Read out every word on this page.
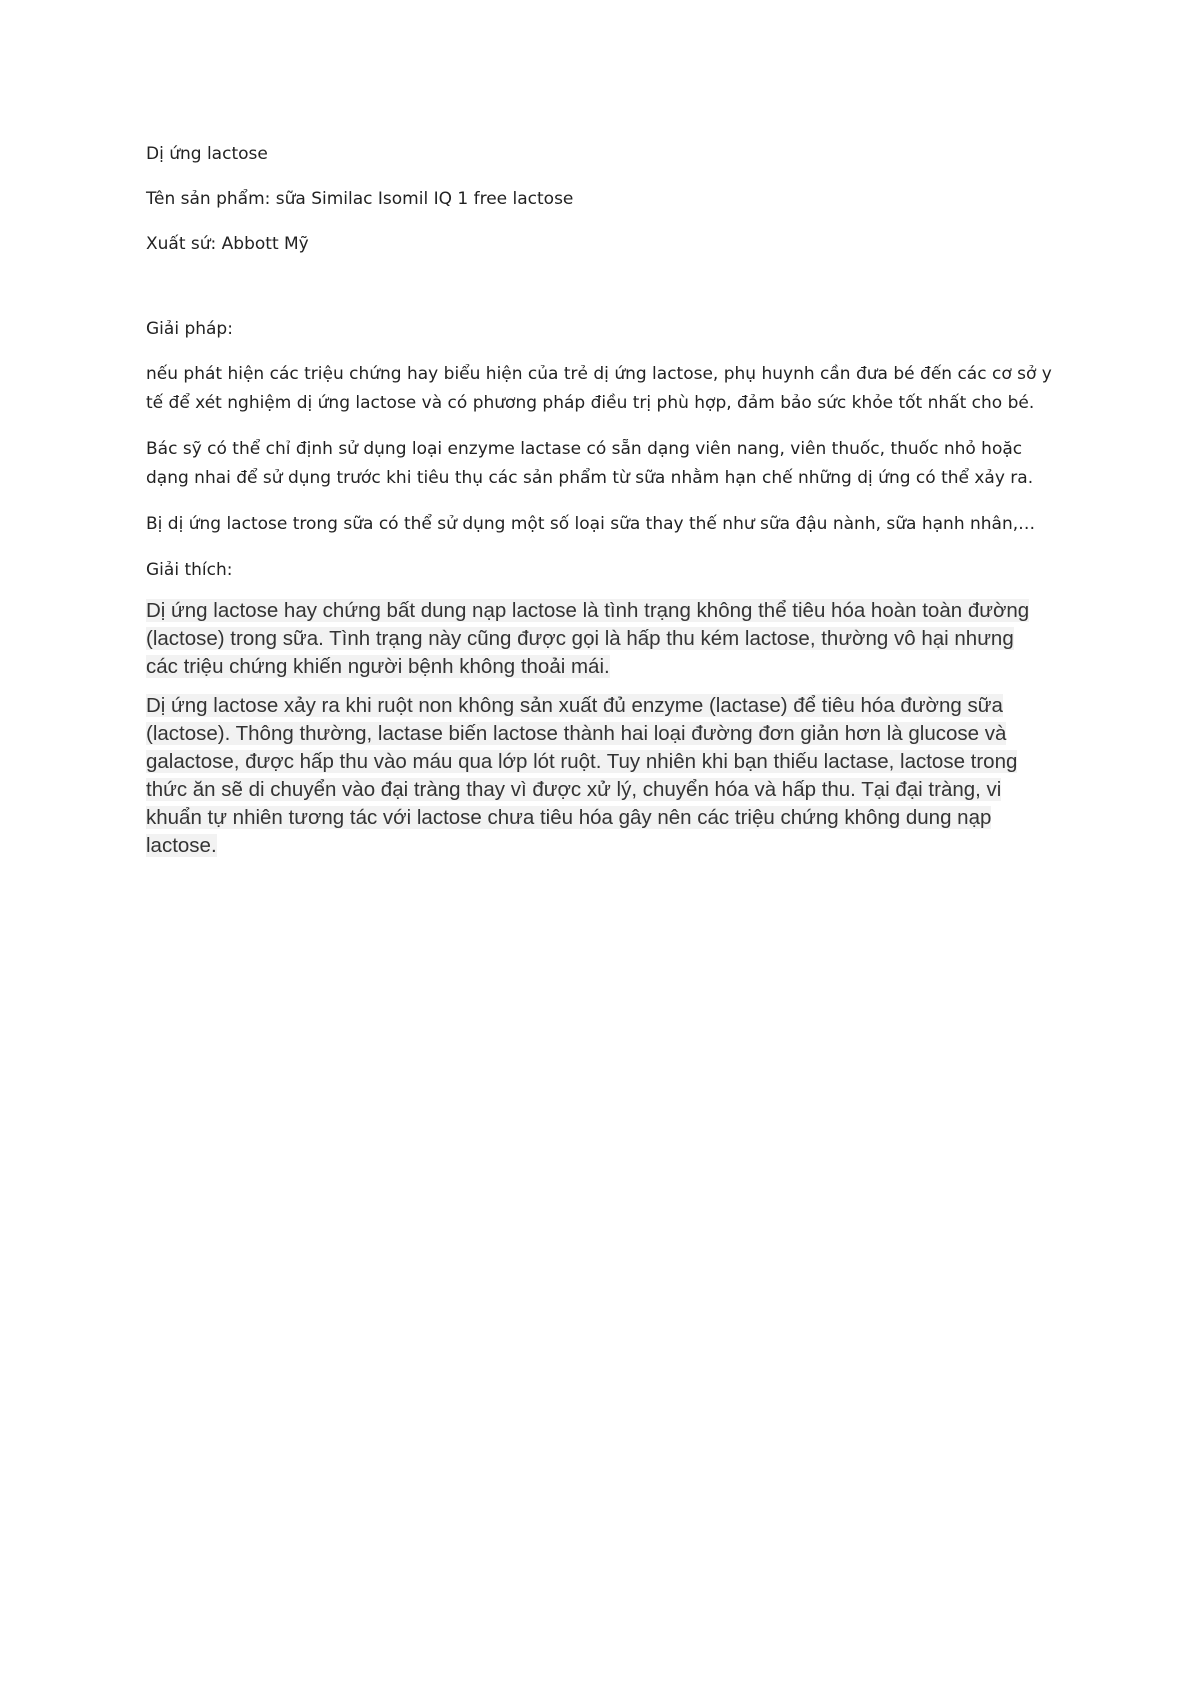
Dị ứng lactose

Tên sản phẩm: sữa Similac Isomil IQ 1 free lactose

Xuất sứ: Abbott Mỹ

Giải pháp:

nếu phát hiện các triệu chứng hay biểu hiện của trẻ dị ứng lactose, phụ huynh cần đưa bé đến các cơ sở y tế để xét nghiệm dị ứng lactose và có phương pháp điều trị phù hợp, đảm bảo sức khỏe tốt nhất cho bé.

Bác sỹ có thể chỉ định sử dụng loại enzyme lactase có sẵn dạng viên nang, viên thuốc, thuốc nhỏ hoặc dạng nhai để sử dụng trước khi tiêu thụ các sản phẩm từ sữa nhằm hạn chế những dị ứng có thể xảy ra.

Bị dị ứng lactose trong sữa có thể sử dụng một số loại sữa thay thế như sữa đậu nành, sữa hạnh nhân,…

Giải thích:

Dị ứng lactose hay chứng bất dung nạp lactose là tình trạng không thể tiêu hóa hoàn toàn đường (lactose) trong sữa. Tình trạng này cũng được gọi là hấp thu kém lactose, thường vô hại nhưng các triệu chứng khiến người bệnh không thoải mái.

Dị ứng lactose xảy ra khi ruột non không sản xuất đủ enzyme (lactase) để tiêu hóa đường sữa (lactose). Thông thường, lactase biến lactose thành hai loại đường đơn giản hơn là glucose và galactose, được hấp thu vào máu qua lớp lót ruột. Tuy nhiên khi bạn thiếu lactase, lactose trong thức ăn sẽ di chuyển vào đại tràng thay vì được xử lý, chuyển hóa và hấp thu. Tại đại tràng, vi khuẩn tự nhiên tương tác với lactose chưa tiêu hóa gây nên các triệu chứng không dung nạp lactose.
